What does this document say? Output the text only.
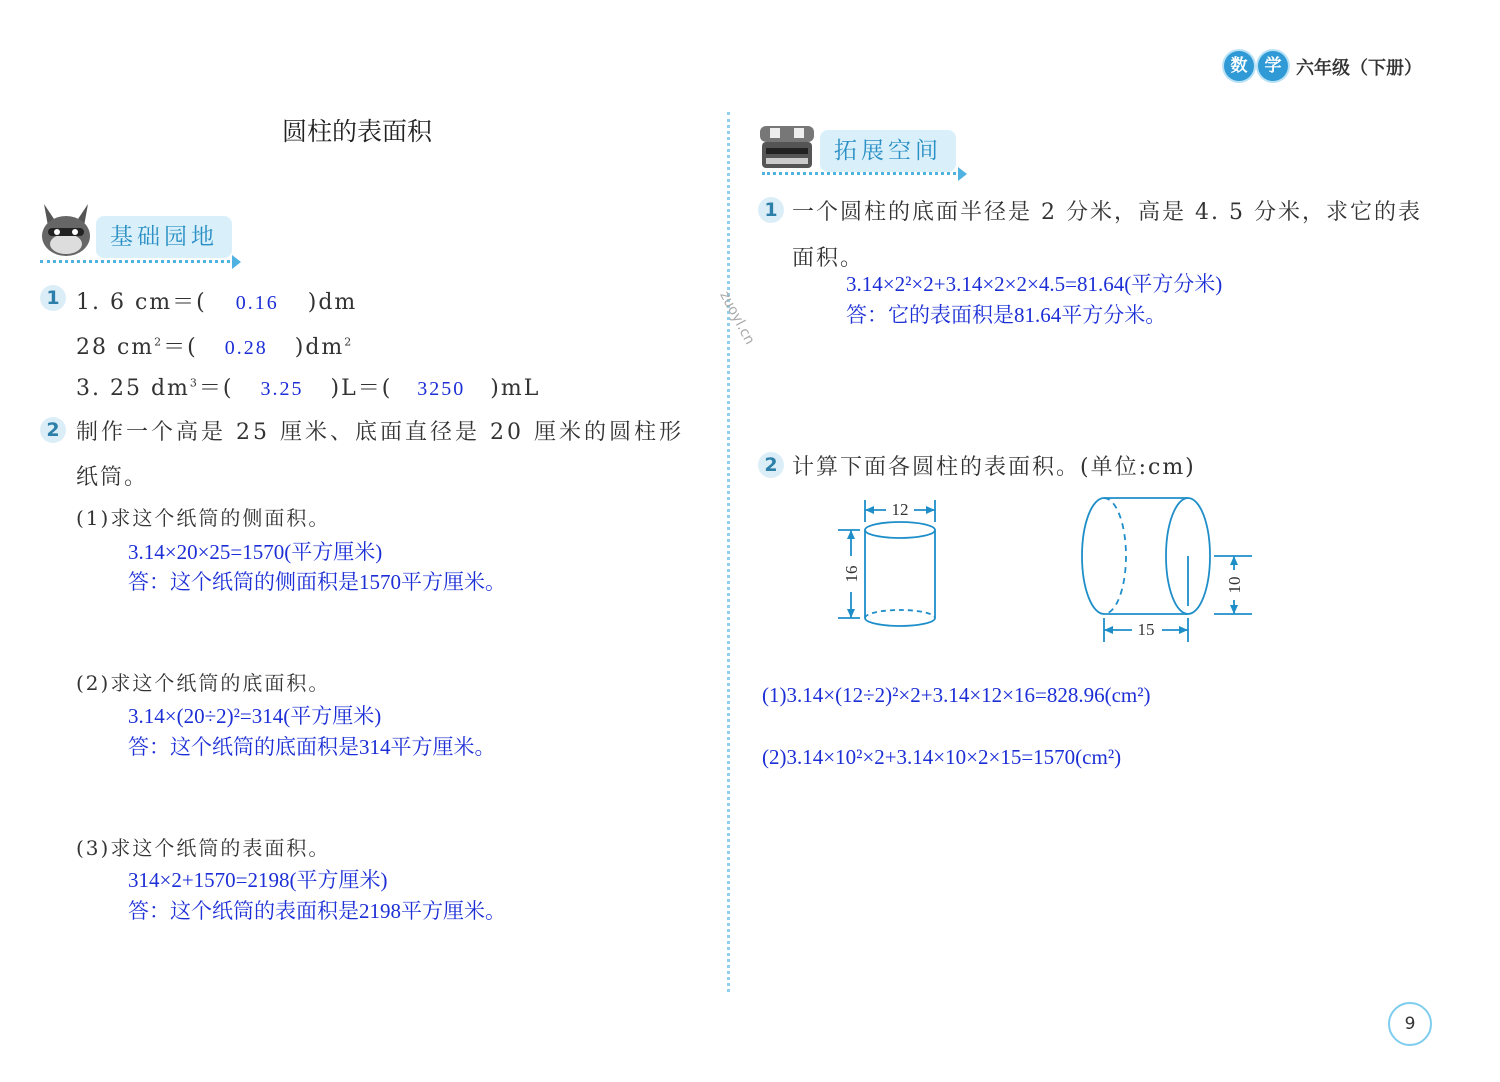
数	学 六年级（下册）
圆柱的表面积
基础园地
拓展空间
1 1. 6 cm＝( 0.16 )dm
28 $cm^2=$( 0.28 )$dm^2$
3. 25 $dm^3=$( 3.25 )L＝( 3250 )mL
2 制作一个高是 25 厘米、底面直径是 20 厘米的圆柱形
纸筒。
(1)求这个纸筒的侧面积。
3.14×20×25=1570(平方厘米)
答：这个纸筒的侧面积是1570平方厘米。
(2)求这个纸筒的底面积。
3.14×(20÷2)²=314(平方厘米)
答：这个纸筒的底面积是314平方厘米。
(3)求这个纸筒的表面积。
314×2+1570=2198(平方厘米)
答：这个纸筒的表面积是2198平方厘米。
zuoyl.cn
1 一个圆柱的底面半径是 2 分米，高是 4. 5 分米，求它的表
面积。
3.14×2²×2+3.14×2×2×4.5=81.64(平方分米)
答：它的表面积是81.64平方分米。
2 计算下面各圆柱的表面积。(单位:cm)
12
16
15
10
(1)3.14×(12÷2)²×2+3.14×12×16=828.96(cm²)
(2)3.14×10²×2+3.14×10×2×15=1570(cm²)
9
